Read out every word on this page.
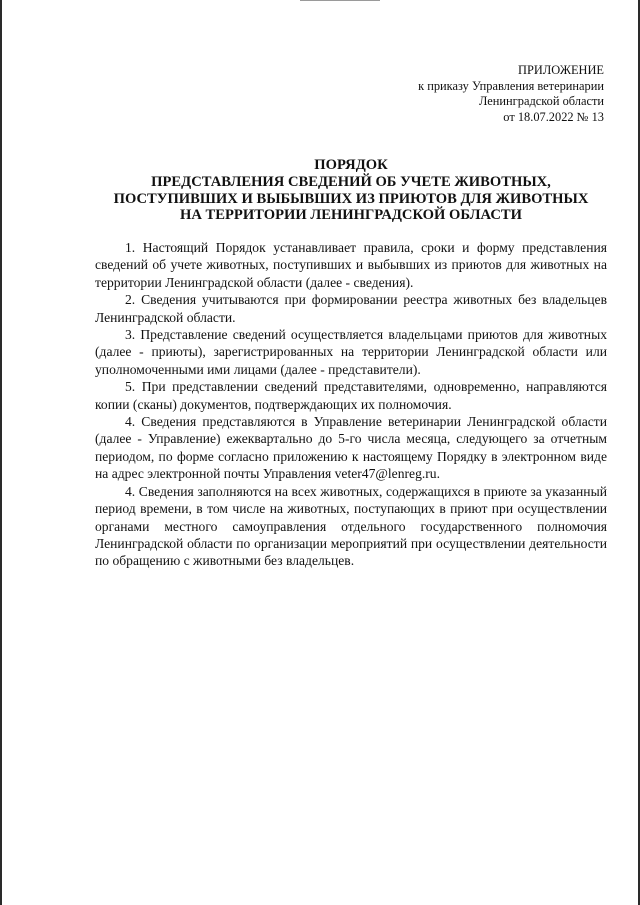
ПРИЛОЖЕНИЕ
к приказу Управления ветеринарии
Ленинградской области
от 18.07.2022 № 13
ПОРЯДОК
ПРЕДСТАВЛЕНИЯ СВЕДЕНИЙ ОБ УЧЕТЕ ЖИВОТНЫХ,
ПОСТУПИВШИХ И ВЫБЫВШИХ ИЗ ПРИЮТОВ ДЛЯ ЖИВОТНЫХ
НА ТЕРРИТОРИИ ЛЕНИНГРАДСКОЙ ОБЛАСТИ

1. Настоящий Порядок устанавливает правила, сроки и форму представления сведений об учете животных, поступивших и выбывших из приютов для животных на территории Ленинградской области (далее - сведения).

2. Сведения учитываются при формировании реестра животных без владельцев Ленинградской области.

3. Представление сведений осуществляется владельцами приютов для животных (далее - приюты), зарегистрированных на территории Ленинградской области или уполномоченными ими лицами (далее - представители).

5. При представлении сведений представителями, одновременно, направляются копии (сканы) документов, подтверждающих их полномочия.

4. Сведения представляются в Управление ветеринарии Ленинградской области (далее - Управление) ежеквартально до 5-го числа месяца, следующего за отчетным периодом, по форме согласно приложению к настоящему Порядку в электронном виде на адрес электронной почты Управления veter47@lenreg.ru.

4. Сведения заполняются на всех животных, содержащихся в приюте за указанный период времени, в том числе на животных, поступающих в приют при осуществлении органами местного самоуправления отдельного государственного полномочия Ленинградской области по организации мероприятий при осуществлении деятельности по обращению с животными без владельцев.
